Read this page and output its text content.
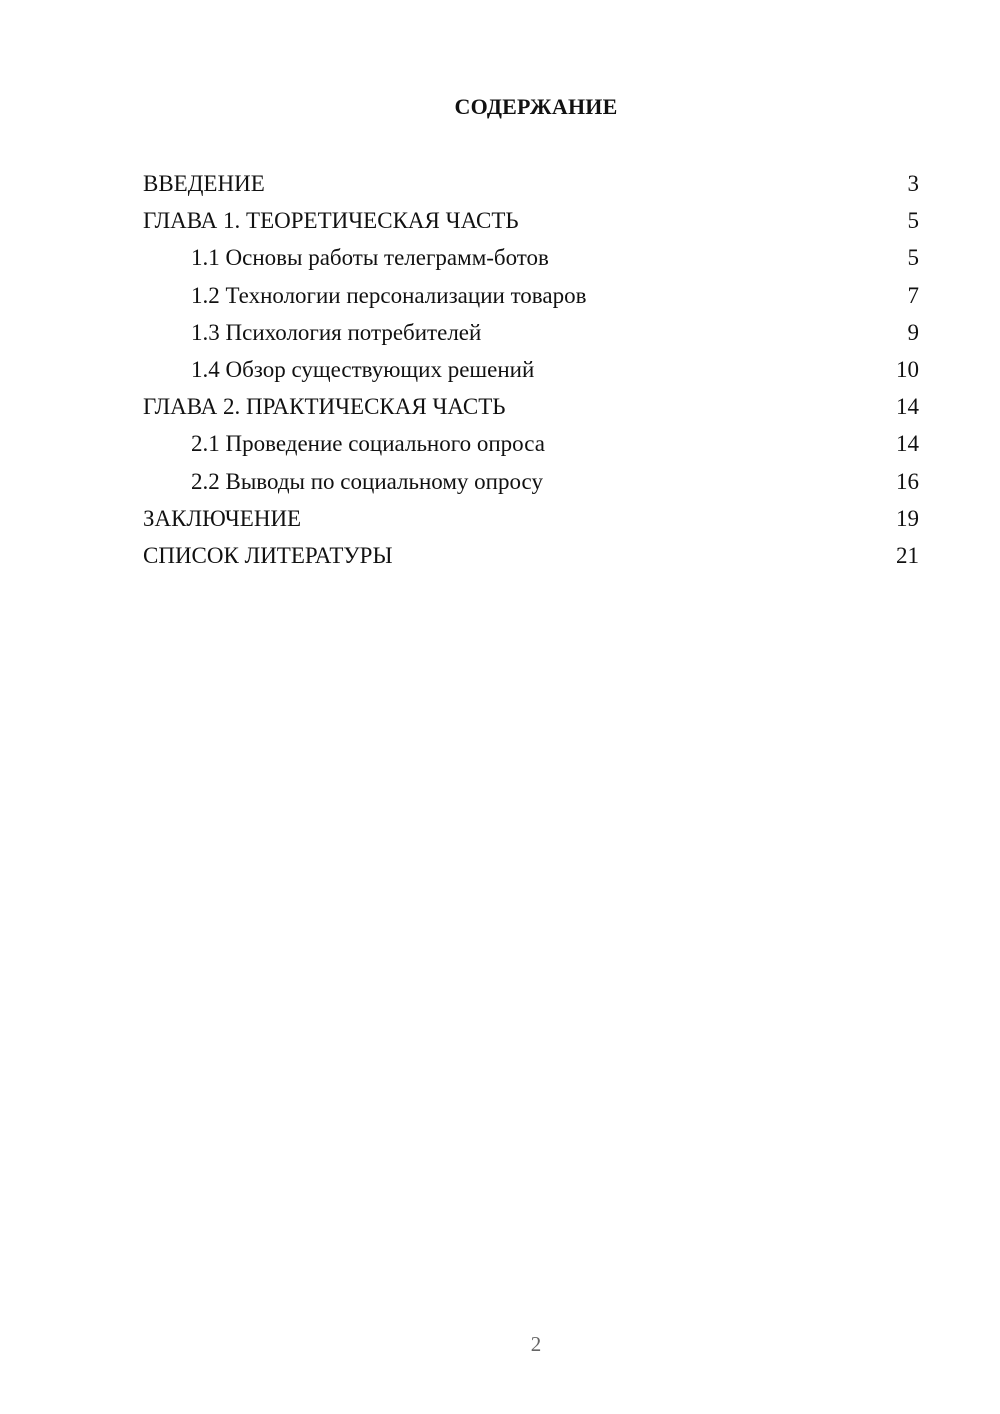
СОДЕРЖАНИЕ
ВВЕДЕНИЕ	3
ГЛАВА 1. ТЕОРЕТИЧЕСКАЯ ЧАСТЬ	5
1.1 Основы работы телеграмм-ботов	5
1.2 Технологии персонализации товаров	7
1.3 Психология потребителей	9
1.4 Обзор существующих решений	10
ГЛАВА 2. ПРАКТИЧЕСКАЯ ЧАСТЬ	14
2.1 Проведение социального опроса	14
2.2 Выводы по социальному опросу	16
ЗАКЛЮЧЕНИЕ	19
СПИСОК ЛИТЕРАТУРЫ	21
2
